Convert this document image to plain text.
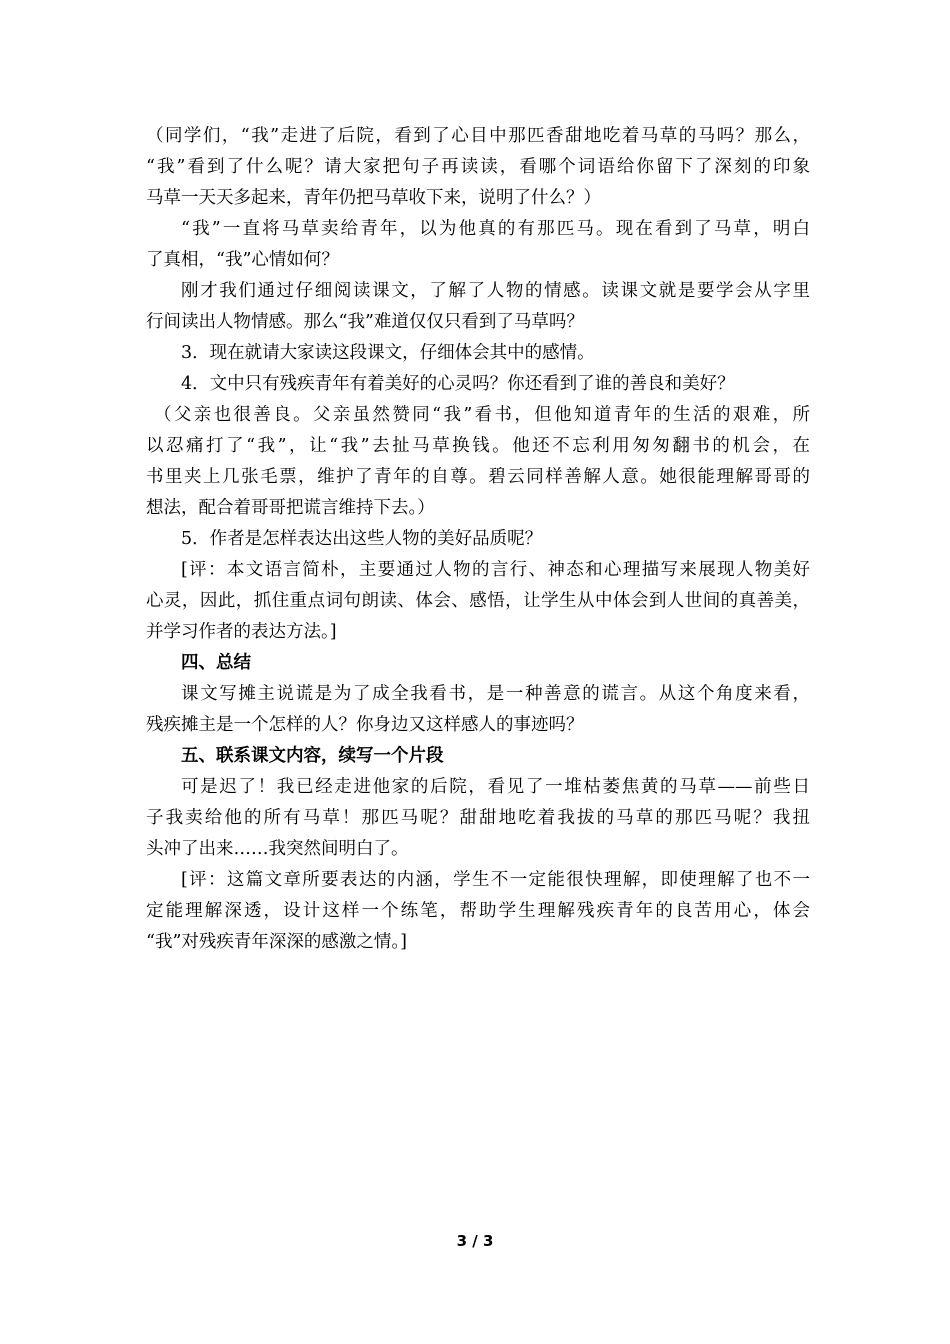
（同学们，“我”走进了后院，看到了心目中那匹香甜地吃着马草的马吗？那么，
“我”看到了什么呢？请大家把句子再读读，看哪个词语给你留下了深刻的印象
马草一天天多起来，青年仍把马草收下来，说明了什么？）
“我”一直将马草卖给青年，以为他真的有那匹马。现在看到了马草，明白
了真相，“我”心情如何？
刚才我们通过仔细阅读课文，了解了人物的情感。读课文就是要学会从字里
行间读出人物情感。那么“我”难道仅仅只看到了马草吗？
3．现在就请大家读这段课文，仔细体会其中的感情。
4．文中只有残疾青年有着美好的心灵吗？你还看到了谁的善良和美好？
（父亲也很善良。父亲虽然赞同“我”看书，但他知道青年的生活的艰难，所
以忍痛打了“我”，让“我”去扯马草换钱。他还不忘利用匆匆翻书的机会，在
书里夹上几张毛票，维护了青年的自尊。碧云同样善解人意。她很能理解哥哥的
想法，配合着哥哥把谎言维持下去。）
5．作者是怎样表达出这些人物的美好品质呢？
[评：本文语言简朴，主要通过人物的言行、神态和心理描写来展现人物美好
心灵，因此，抓住重点词句朗读、体会、感悟，让学生从中体会到人世间的真善美，
并学习作者的表达方法。]
四、总结
课文写摊主说谎是为了成全我看书，是一种善意的谎言。从这个角度来看，
残疾摊主是一个怎样的人？你身边又这样感人的事迹吗？
五、联系课文内容，续写一个片段
可是迟了！我已经走进他家的后院，看见了一堆枯萎焦黄的马草——前些日
子我卖给他的所有马草！那匹马呢？甜甜地吃着我拔的马草的那匹马呢？我扭
头冲了出来……我突然间明白了。
[评：这篇文章所要表达的内涵，学生不一定能很快理解，即使理解了也不一
定能理解深透，设计这样一个练笔，帮助学生理解残疾青年的良苦用心，体会
“我”对残疾青年深深的感激之情。]
3 / 3
